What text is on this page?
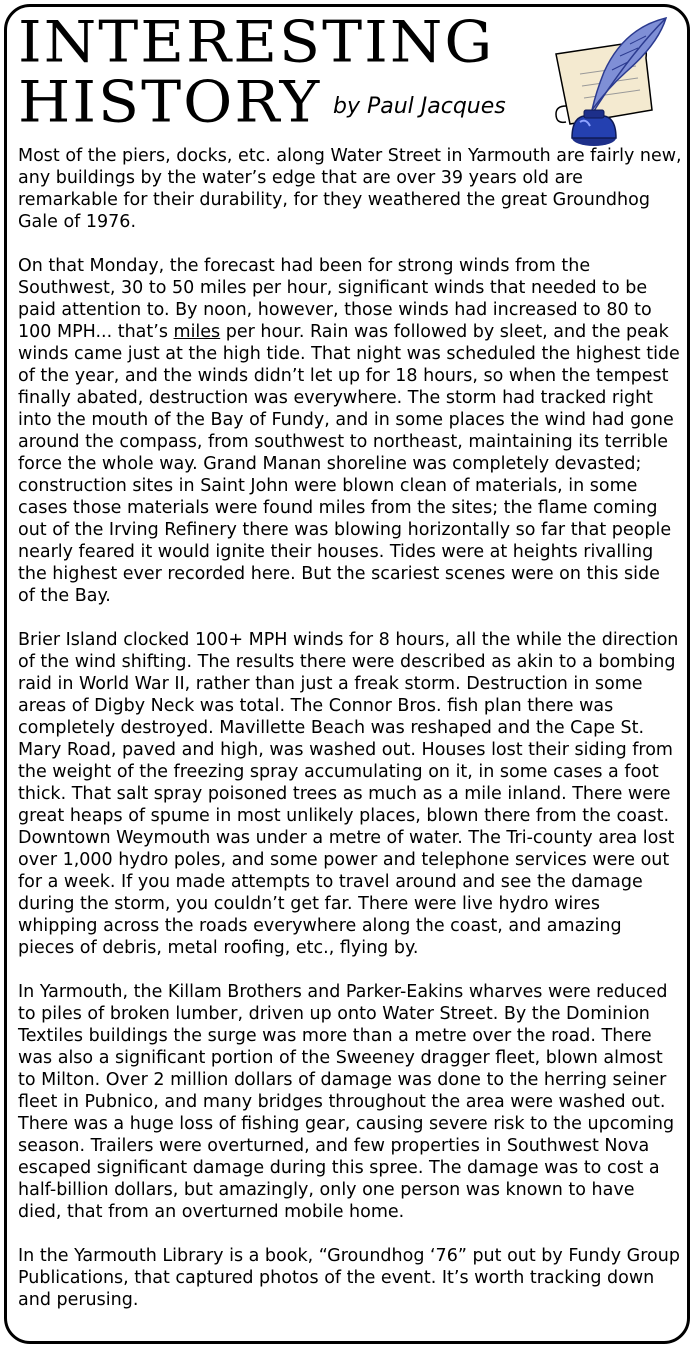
INTERESTING
HISTORY by Paul Jacques

Most of the piers, docks, etc. along Water Street in Yarmouth are fairly new, any buildings by the water’s edge that are over 39 years old are remarkable for their durability, for they weathered the great Groundhog Gale of 1976.

On that Monday, the forecast had been for strong winds from the Southwest, 30 to 50 miles per hour, significant winds that needed to be paid attention to. By noon, however, those winds had increased to 80 to 100 MPH... that’s miles per hour. Rain was followed by sleet, and the peak winds came just at the high tide. That night was scheduled the highest tide of the year, and the winds didn’t let up for 18 hours, so when the tempest finally abated, destruction was everywhere. The storm had tracked right into the mouth of the Bay of Fundy, and in some places the wind had gone around the compass, from southwest to northeast, maintaining its terrible force the whole way. Grand Manan shoreline was completely devasted; construction sites in Saint John were blown clean of materials, in some cases those materials were found miles from the sites; the flame coming out of the Irving Refinery there was blowing horizontally so far that people nearly feared it would ignite their houses. Tides were at heights rivalling the highest ever recorded here. But the scariest scenes were on this side of the Bay.

Brier Island clocked 100+ MPH winds for 8 hours, all the while the direction of the wind shifting. The results there were described as akin to a bombing raid in World War II, rather than just a freak storm. Destruction in some areas of Digby Neck was total. The Connor Bros. fish plan there was completely destroyed. Mavillette Beach was reshaped and the Cape St. Mary Road, paved and high, was washed out. Houses lost their siding from the weight of the freezing spray accumulating on it, in some cases a foot thick. That salt spray poisoned trees as much as a mile inland. There were great heaps of spume in most unlikely places, blown there from the coast. Downtown Weymouth was under a metre of water. The Tri-county area lost over 1,000 hydro poles, and some power and telephone services were out for a week. If you made attempts to travel around and see the damage during the storm, you couldn’t get far. There were live hydro wires whipping across the roads everywhere along the coast, and amazing pieces of debris, metal roofing, etc., flying by.

In Yarmouth, the Killam Brothers and Parker-Eakins wharves were reduced to piles of broken lumber, driven up onto Water Street. By the Dominion Textiles buildings the surge was more than a metre over the road. There was also a significant portion of the Sweeney dragger fleet, blown almost to Milton. Over 2 million dollars of damage was done to the herring seiner fleet in Pubnico, and many bridges throughout the area were washed out. There was a huge loss of fishing gear, causing severe risk to the upcoming season. Trailers were overturned, and few properties in Southwest Nova escaped significant damage during this spree. The damage was to cost a half-billion dollars, but amazingly, only one person was known to have died, that from an overturned mobile home.

In the Yarmouth Library is a book, “Groundhog ‘76” put out by Fundy Group Publications, that captured photos of the event. It’s worth tracking down and perusing.
